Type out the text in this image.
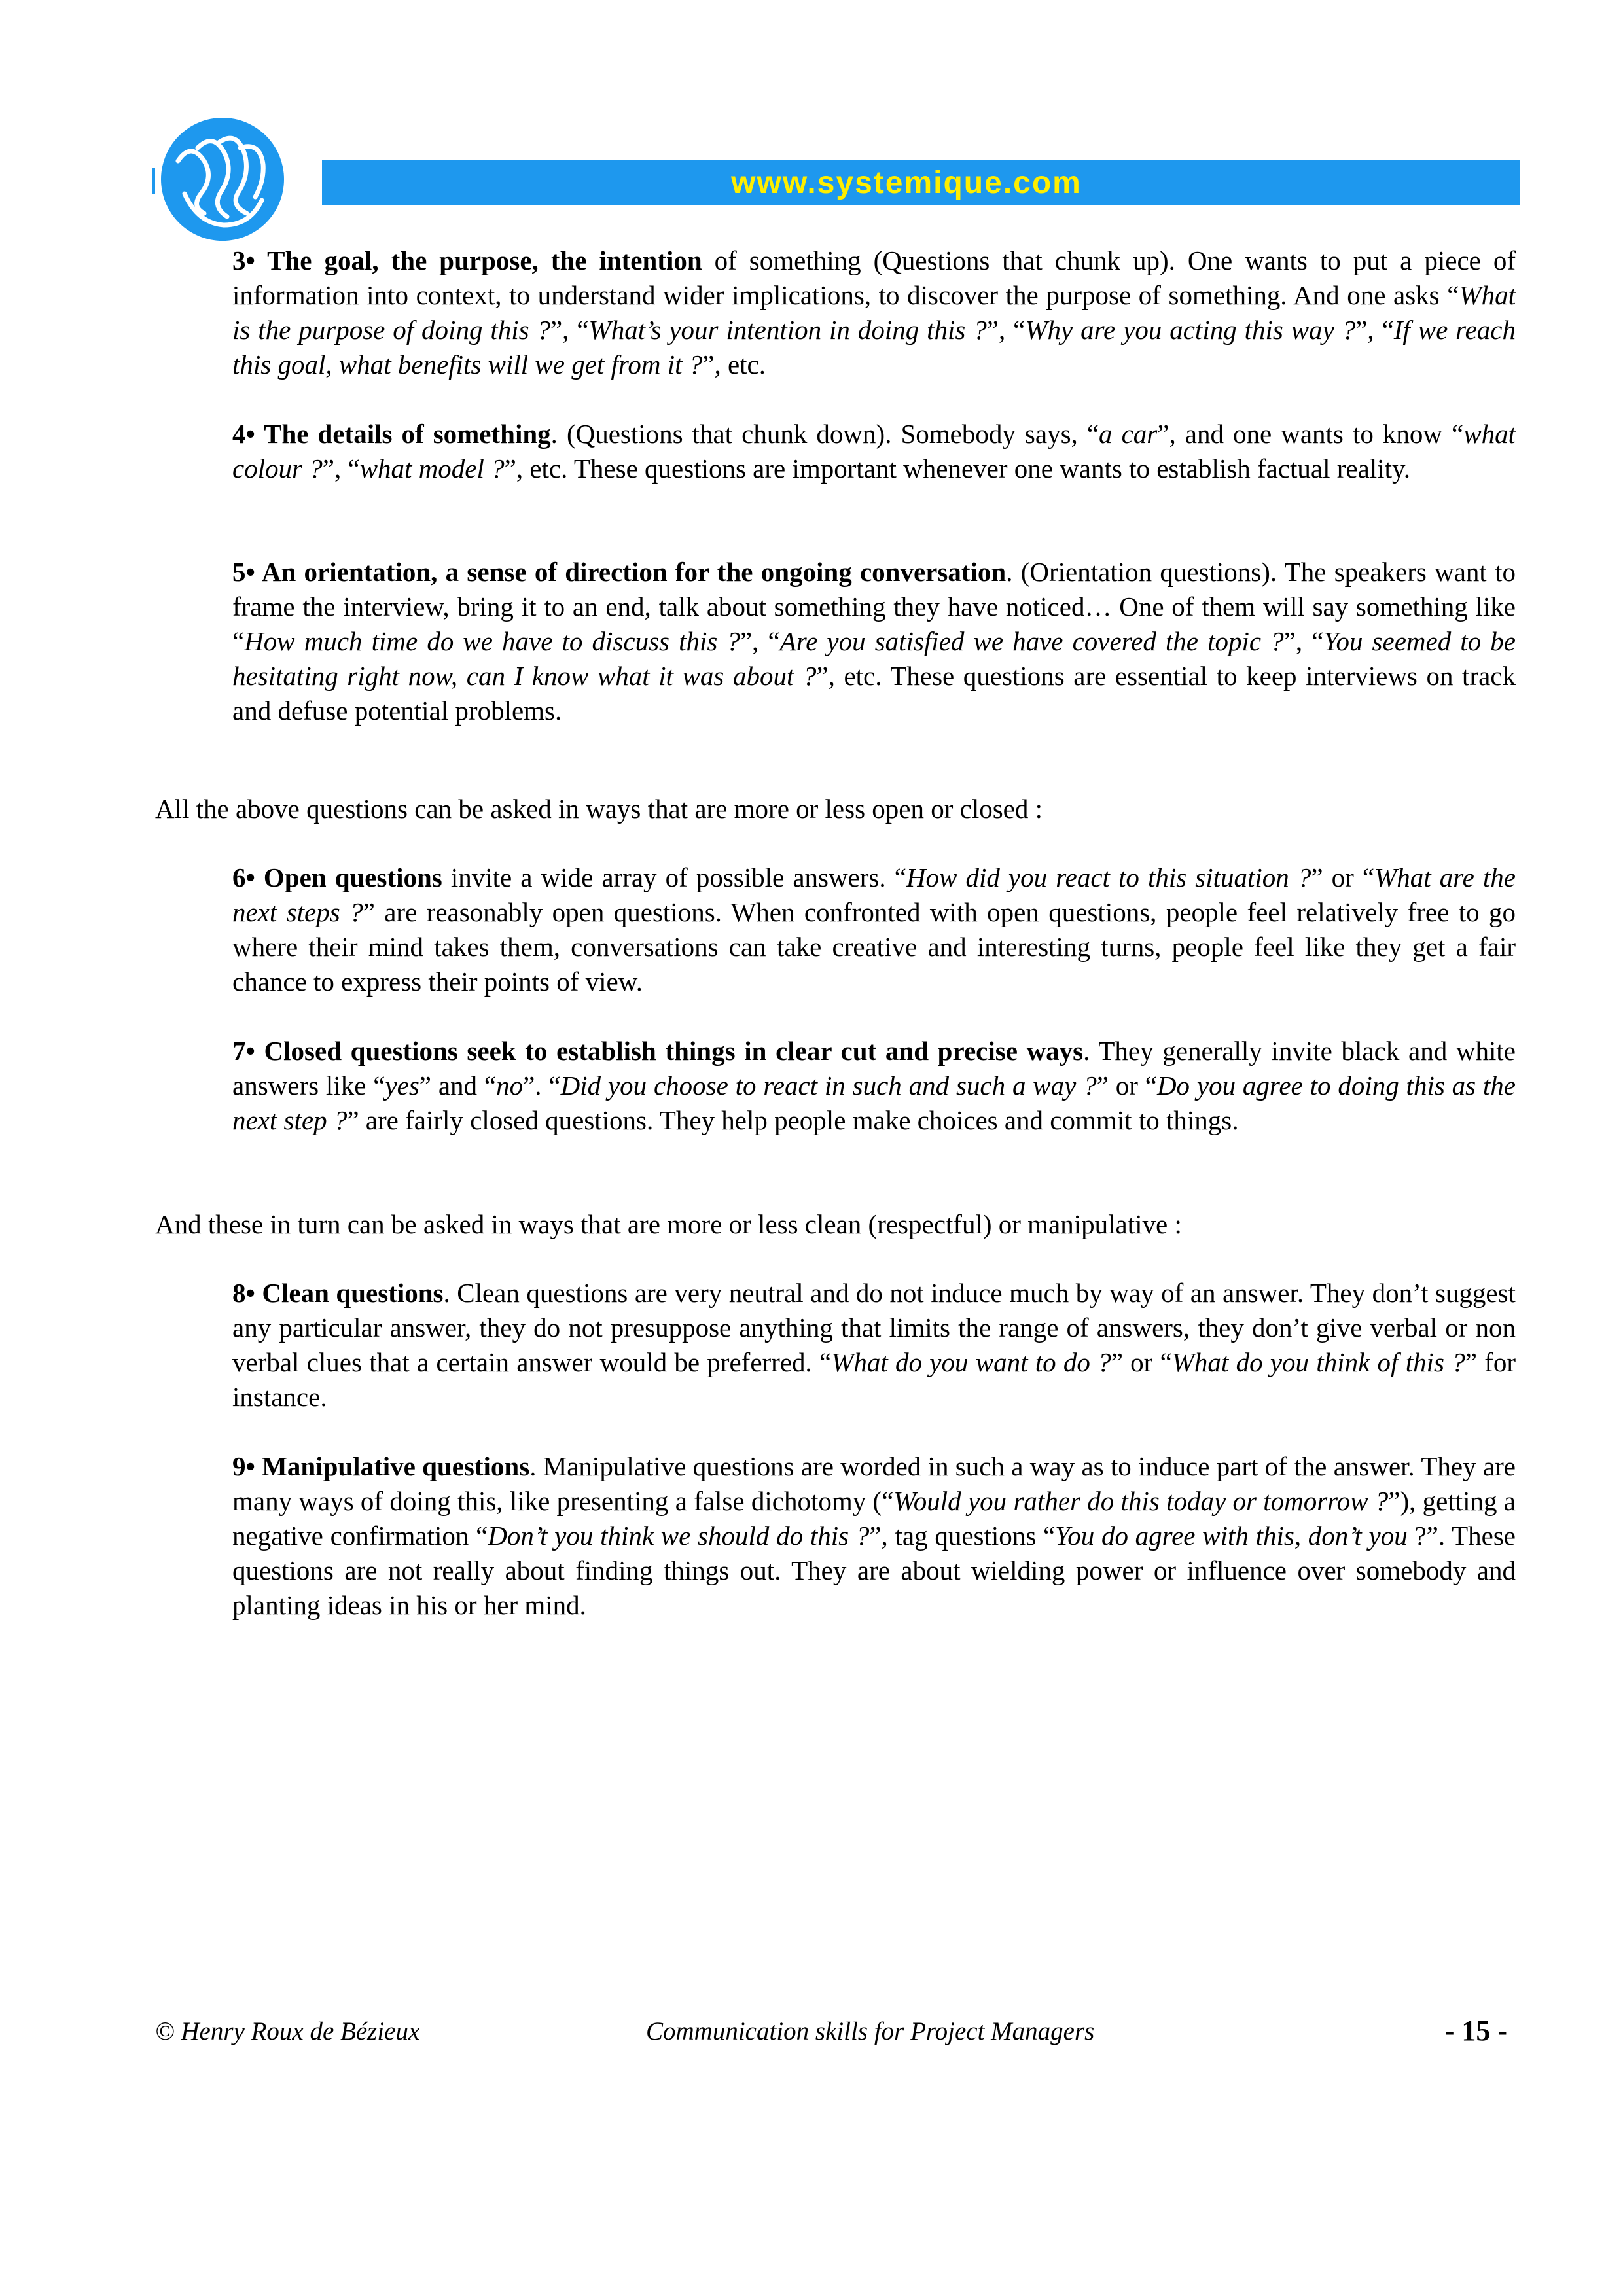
www.systemique.com
3• The goal, the purpose, the intention of something (Questions that chunk up). One wants to put a piece of information into context, to understand wider implications, to discover the purpose of something. And one asks “What is the purpose of doing this ?”, “What’s your intention in doing this ?”, “Why are you acting this way ?”, “If we reach this goal, what benefits will we get from it ?”, etc.
4• The details of something. (Questions that chunk down). Somebody says, “a car”, and one wants to know “what colour ?”, “what model ?”, etc. These questions are important whenever one wants to establish factual reality.
5• An orientation, a sense of direction for the ongoing conversation. (Orientation questions). The speakers want to frame the interview, bring it to an end, talk about something they have noticed… One of them will say something like “How much time do we have to discuss this ?”, “Are you satisfied we have covered the topic ?”, “You seemed to be hesitating right now, can I know what it was about ?”, etc. These questions are essential to keep interviews on track and defuse potential problems.
All the above questions can be asked in ways that are more or less open or closed :
6• Open questions invite a wide array of possible answers. “How did you react to this situation ?” or “What are the next steps ?” are reasonably open questions. When confronted with open questions, people feel relatively free to go where their mind takes them, conversations can take creative and interesting turns, people feel like they get a fair chance to express their points of view.
7• Closed questions seek to establish things in clear cut and precise ways. They generally invite black and white answers like “yes” and “no”. “Did you choose to react in such and such a way ?” or “Do you agree to doing this as the next step ?” are fairly closed questions. They help people make choices and commit to things.
And these in turn can be asked in ways that are more or less clean (respectful) or manipulative :
8• Clean questions. Clean questions are very neutral and do not induce much by way of an answer. They don’t suggest any particular answer, they do not presuppose anything that limits the range of answers, they don’t give verbal or non verbal clues that a certain answer would be preferred. “What do you want to do ?” or “What do you think of this ?” for instance.
9• Manipulative questions. Manipulative questions are worded in such a way as to induce part of the answer. They are many ways of doing this, like presenting a false dichotomy (“Would you rather do this today or tomorrow ?”), getting a negative confirmation “Don’t you think we should do this ?”, tag questions “You do agree with this, don’t you ?”. These questions are not really about finding things out. They are about wielding power or influence over somebody and planting ideas in his or her mind.
© Henry Roux de Bézieux	Communication skills for Project Managers	- 15 -
